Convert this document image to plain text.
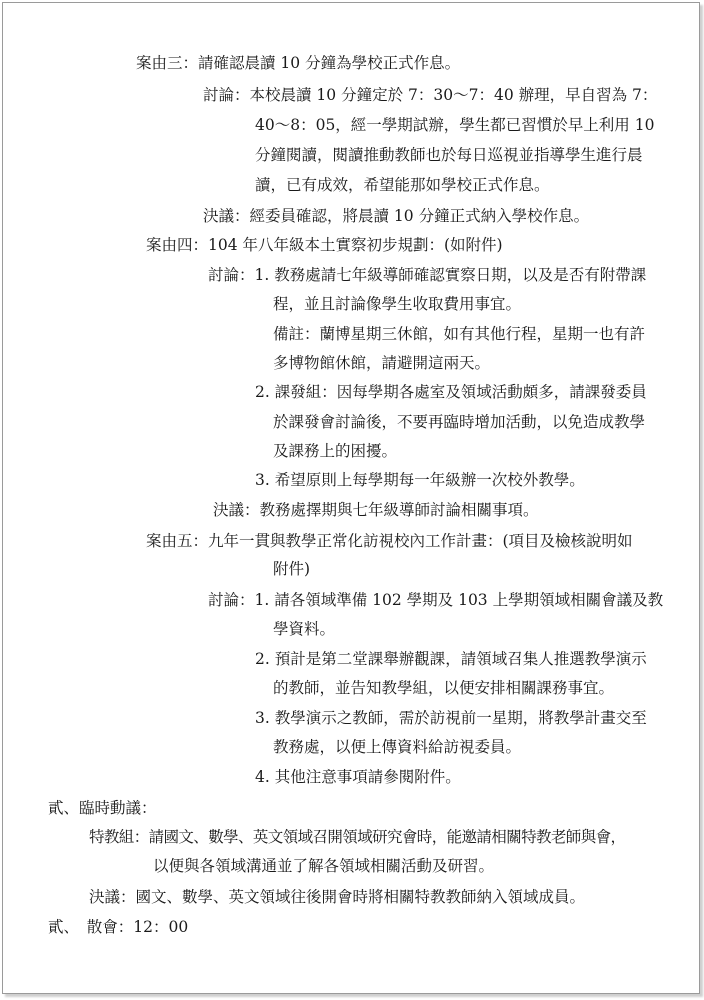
案由三：請確認晨讀 10 分鐘為學校正式作息。
討論：本校晨讀 10 分鐘定於 7：30～7：40 辦理，早自習為 7：
40～8：05，經一學期試辦，學生都已習慣於早上利用 10
分鐘閱讀，閱讀推動教師也於每日巡視並指導學生進行晨
讀，已有成效，希望能那如學校正式作息。
決議：經委員確認，將晨讀 10 分鐘正式納入學校作息。
案由四：104 年八年級本土實察初步規劃：(如附件)
討論：1. 教務處請七年級導師確認實察日期，以及是否有附帶課
程，並且討論像學生收取費用事宜。
備註：蘭博星期三休館，如有其他行程，星期一也有許
多博物館休館，請避開這兩天。
2. 課發組：因每學期各處室及領域活動頗多，請課發委員
於課發會討論後，不要再臨時增加活動，以免造成教學
及課務上的困擾。
3. 希望原則上每學期每一年級辦一次校外教學。
決議：教務處擇期與七年級導師討論相關事項。
案由五：九年一貫與教學正常化訪視校內工作計畫：(項目及檢核說明如
附件)
討論：1. 請各領域準備 102 學期及 103 上學期領域相關會議及教
學資料。
2. 預計是第二堂課舉辦觀課，請領域召集人推選教學演示
的教師，並告知教學組，以便安排相關課務事宜。
3. 教學演示之教師，需於訪視前一星期，將教學計畫交至
教務處，以便上傳資料給訪視委員。
4. 其他注意事項請參閱附件。
貳、臨時動議：
特教組：請國文、數學、英文領域召開領域研究會時，能邀請相關特教老師與會，
以便與各領域溝通並了解各領域相關活動及研習。
決議：國文、數學、英文領域往後開會時將相關特教教師納入領域成員。
貳、　散會：12：00
